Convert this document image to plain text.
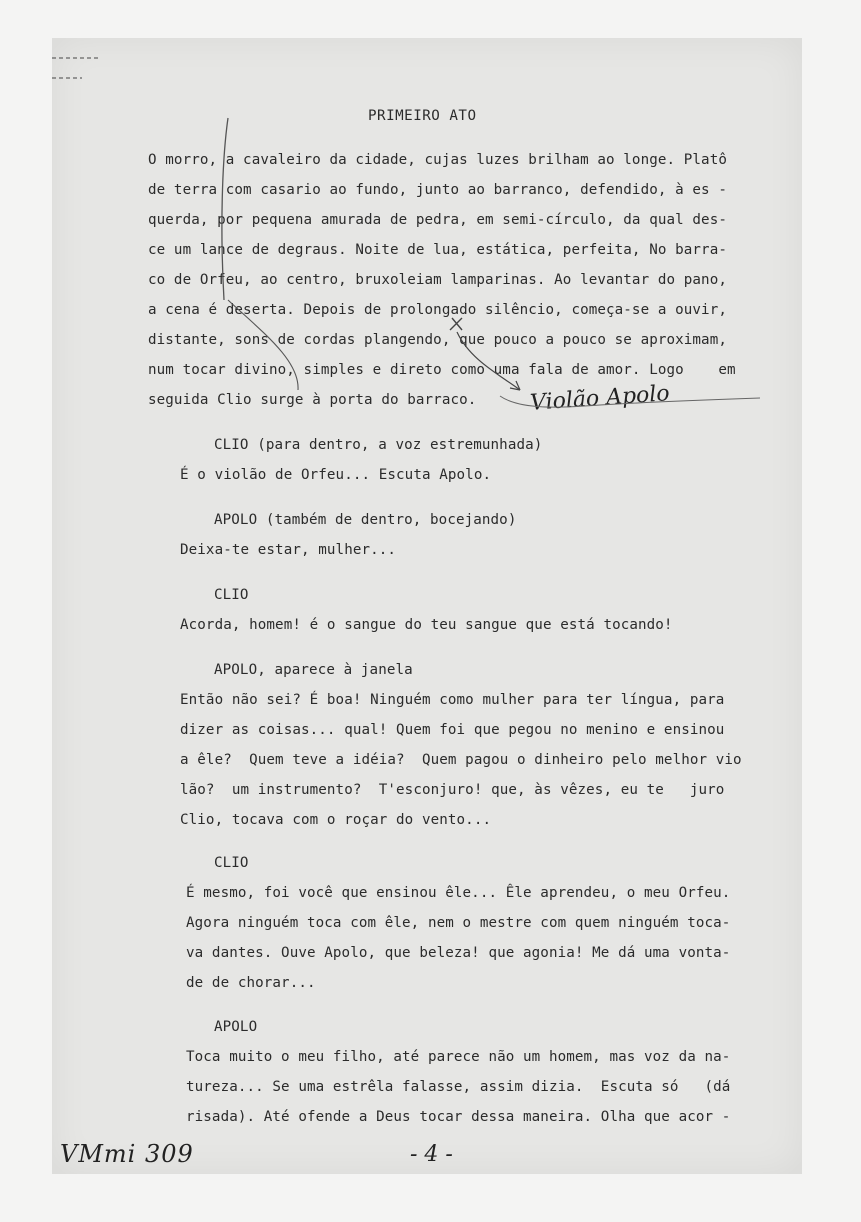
PRIMEIRO ATO
O morro, a cavaleiro da cidade, cujas luzes brilham ao longe. Platô
de terra com casario ao fundo, junto ao barranco, defendido, à es -
querda, por pequena amurada de pedra, em semi-círculo, da qual des-
ce um lance de degraus. Noite de lua, estática, perfeita, No barra-
co de Orfeu, ao centro, bruxoleiam lamparinas. Ao levantar do pano,
a cena é deserta. Depois de prolongado silêncio, começa-se a ouvir,
distante, sons de cordas plangendo, que pouco a pouco se aproximam,
num tocar divino, simples e direto como uma fala de amor. Logo    em
seguida Clio surge à porta do barraco. Violão Apolo
CLIO (para dentro, a voz estremunhada)
É o violão de Orfeu... Escuta Apolo.
APOLO (também de dentro, bocejando)
Deixa-te estar, mulher...
CLIO
Acorda, homem! é o sangue do teu sangue que está tocando!
APOLO, aparece à janela
Então não sei? É boa! Ninguém como mulher para ter língua, para
dizer as coisas... qual! Quem foi que pegou no menino e ensinou
a êle?  Quem teve a idéia?  Quem pagou o dinheiro pelo melhor vio
lão?  um instrumento?  T'esconjuro! que, às vêzes, eu te   juro
Clio, tocava com o roçar do vento...
CLIO
É mesmo, foi você que ensinou êle... Êle aprendeu, o meu Orfeu.
Agora ninguém toca com êle, nem o mestre com quem ninguém toca-
va dantes. Ouve Apolo, que beleza! que agonia! Me dá uma vonta-
de de chorar...
APOLO
Toca muito o meu filho, até parece não um homem, mas voz da na-
tureza... Se uma estrêla falasse, assim dizia.  Escuta só   (dá
risada). Até ofende a Deus tocar dessa maneira. Olha que acor -
VMmi 309	- 4 -
